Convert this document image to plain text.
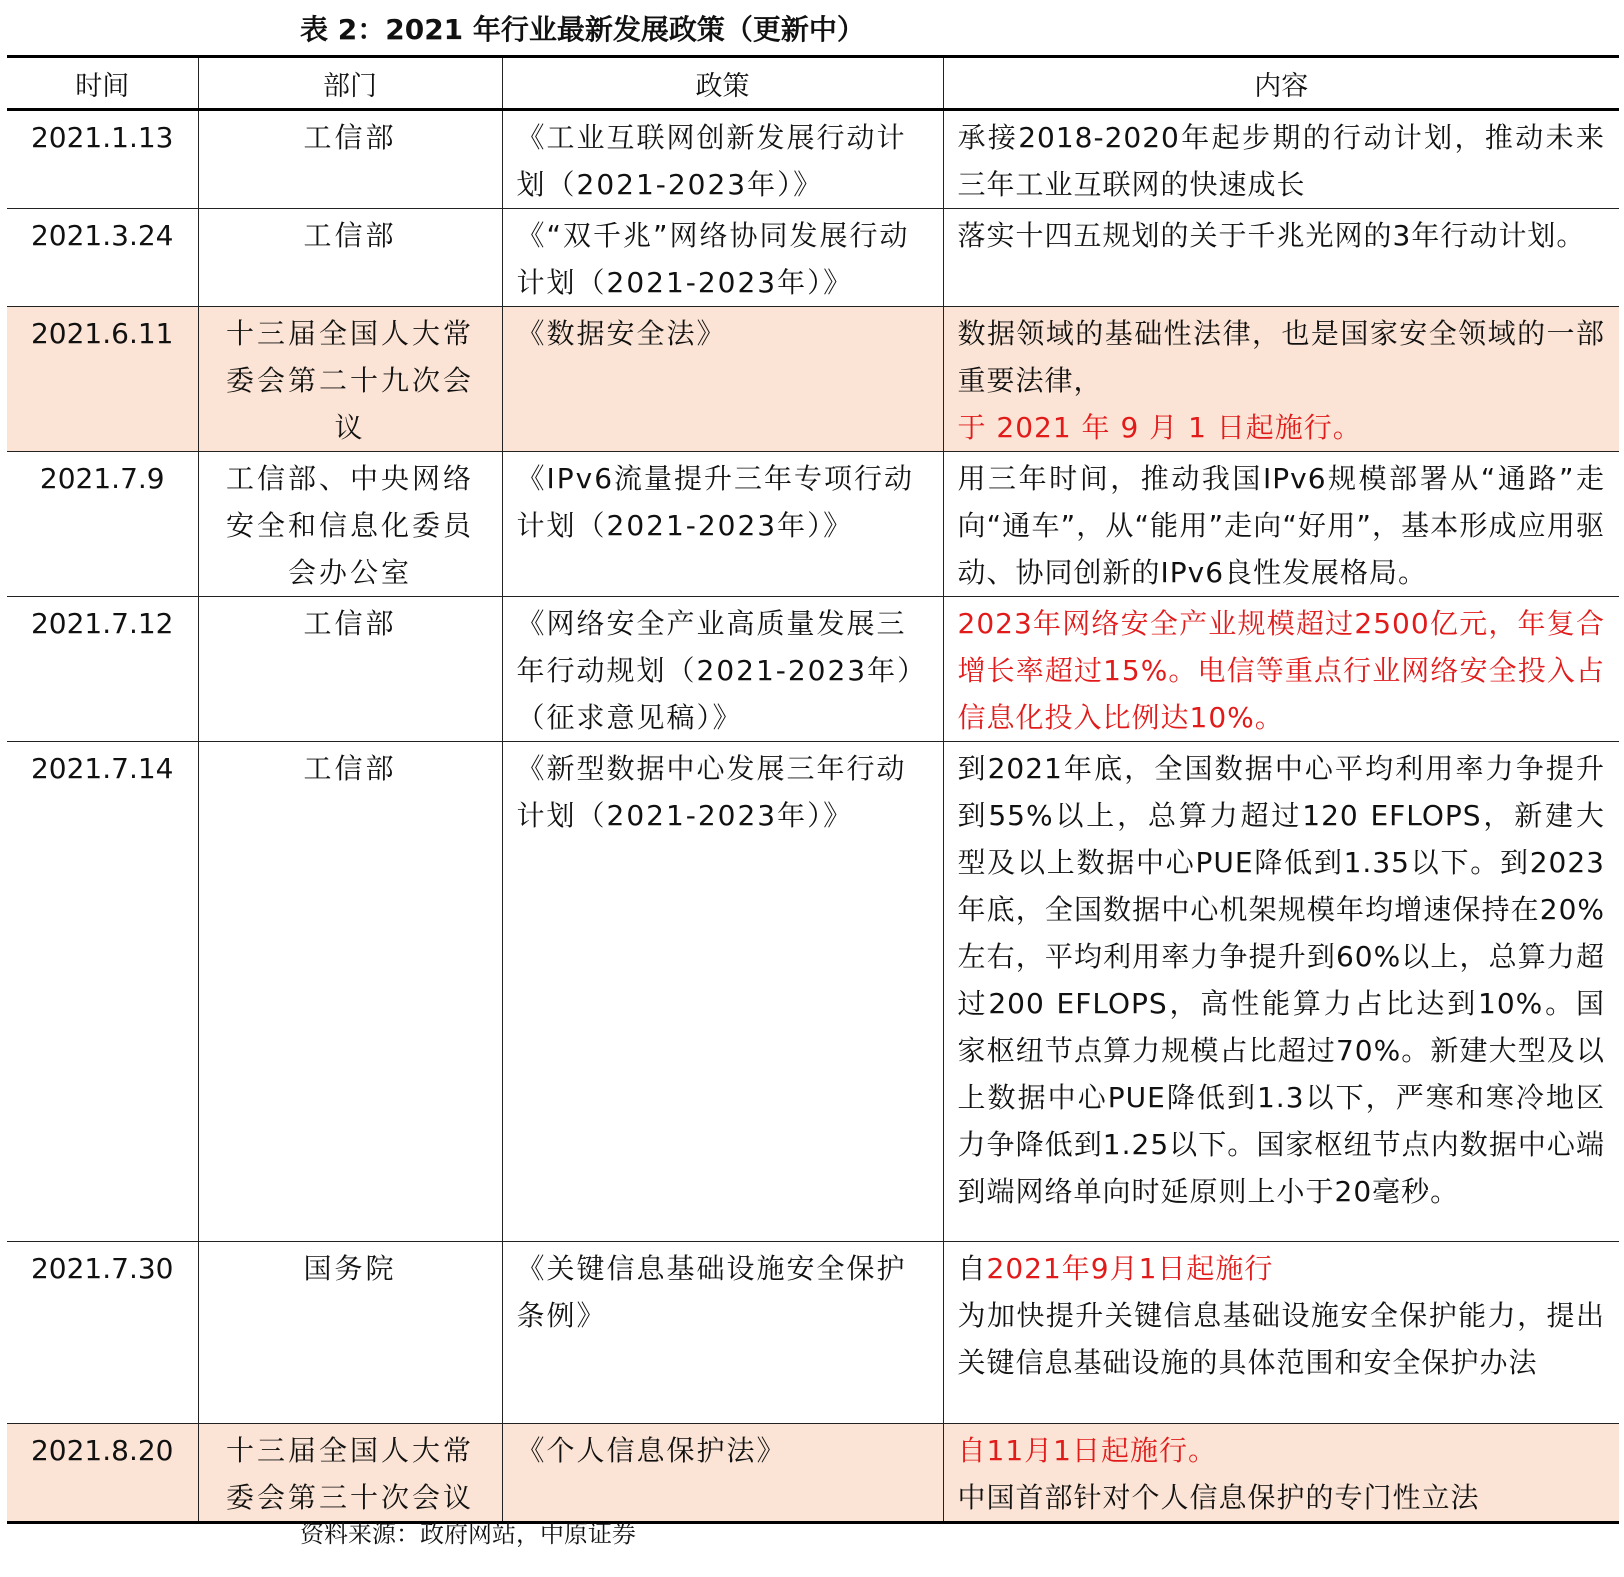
表 2：2021 年行业最新发展政策（更新中）
时间	部门	政策	内容
2021.1.13	工信部	《工业互联网创新发展行动计划（2021-2023年）》	承接2018-2020年起步期的行动计划，推动未来三年工业互联网的快速成长
2021.3.24	工信部	《“双千兆”网络协同发展行动计划（2021-2023年）》	落实十四五规划的关于千兆光网的3年行动计划。
2021.6.11	十三届全国人大常委会第二十九次会议	《数据安全法》	数据领域的基础性法律，也是国家安全领域的一部重要法律，
于 2021 年 9 月 1 日起施行。

2021.7.9	工信部、中央网络安全和信息化委员会办公室	《IPv6流量提升三年专项行动计划（2021-2023年）》	用三年时间，推动我国IPv6规模部署从“通路”走向“通车”，从“能用”走向“好用”，基本形成应用驱动、协同创新的IPv6良性发展格局。
2021.7.12	工信部	《网络安全产业高质量发展三年行动规划（2021-2023年）（征求意见稿）》	2023年网络安全产业规模超过2500亿元，年复合增长率超过15%。电信等重点行业网络安全投入占信息化投入比例达10%。
2021.7.14	工信部	《新型数据中心发展三年行动计划（2021-2023年）》	到2021年底，全国数据中心平均利用率力争提升到55%以上，总算力超过120 EFLOPS，新建大型及以上数据中心PUE降低到1.35以下。到2023年底，全国数据中心机架规模年均增速保持在20%左右，平均利用率力争提升到60%以上，总算力超过200 EFLOPS，高性能算力占比达到10%。国家枢纽节点算力规模占比超过70%。新建大型及以上数据中心PUE降低到1.3以下，严寒和寒冷地区力争降低到1.25以下。国家枢纽节点内数据中心端到端网络单向时延原则上小于20毫秒。
2021.7.30	国务院	《关键信息基础设施安全保护条例》	自2021年9月1日起施行
为加快提升关键信息基础设施安全保护能力，提出关键信息基础设施的具体范围和安全保护办法

2021.8.20	十三届全国人大常委会第三十次会议	《个人信息保护法》	自11月1日起施行。
中国首部针对个人信息保护的专门性立法
资料来源：政府网站，中原证券
